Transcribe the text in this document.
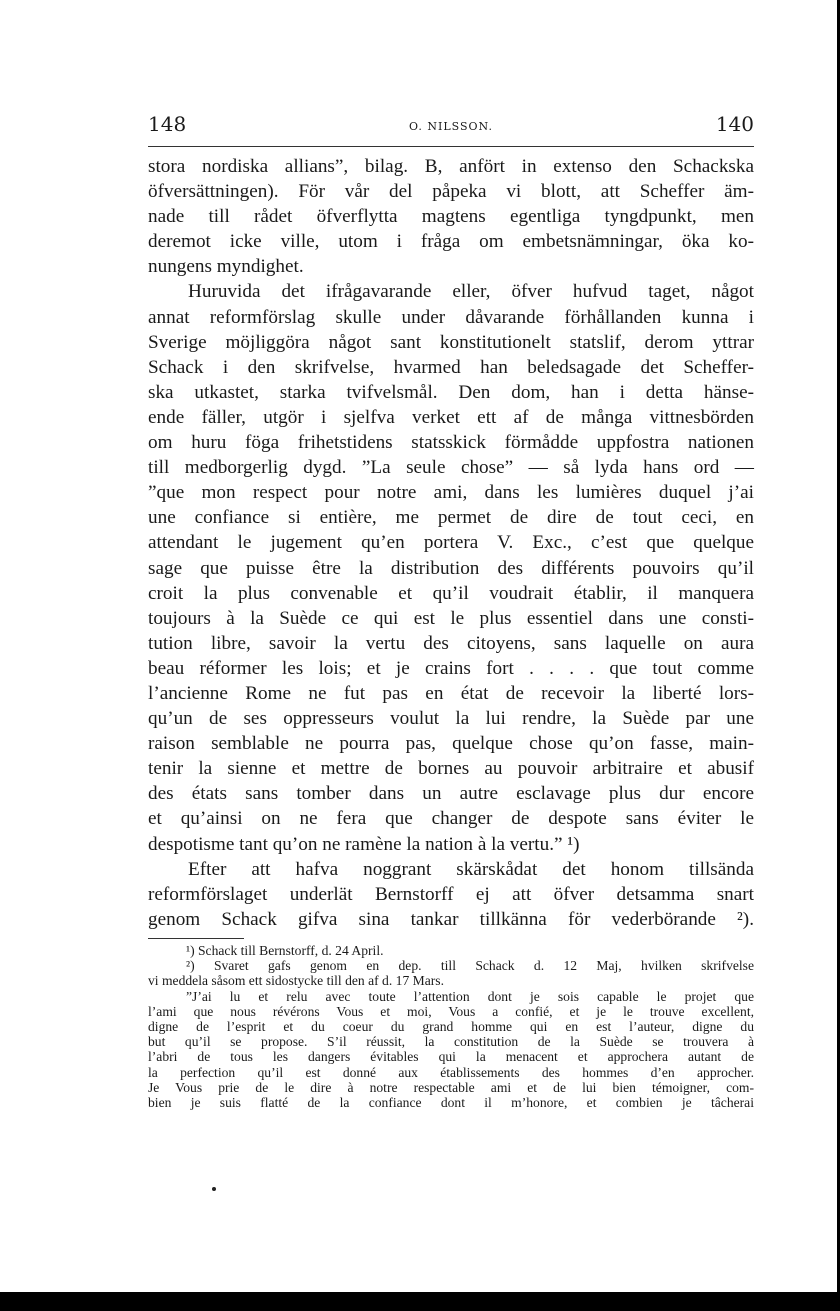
148	O. NILSSON.	140
stora nordiska allians”, bilag. B, anfört in extenso den Schackska
öfversättningen). För vår del påpeka vi blott, att Scheffer äm-
nade till rådet öfverflytta magtens egentliga tyngdpunkt, men
deremot icke ville, utom i fråga om embetsnämningar, öka ko-
nungens myndighet.
Huruvida det ifrågavarande eller, öfver hufvud taget, något
annat reformförslag skulle under dåvarande förhållanden kunna i
Sverige möjliggöra något sant konstitutionelt statslif, derom yttrar
Schack i den skrifvelse, hvarmed han beledsagade det Scheffer-
ska utkastet, starka tvifvelsmål. Den dom, han i detta hänse-
ende fäller, utgör i sjelfva verket ett af de många vittnesbörden
om huru föga frihetstidens statsskick förmådde uppfostra nationen
till medborgerlig dygd. ”La seule chose” — så lyda hans ord —
”que mon respect pour notre ami, dans les lumières duquel j’ai
une confiance si entière, me permet de dire de tout ceci, en
attendant le jugement qu’en portera V. Exc., c’est que quelque
sage que puisse être la distribution des différents pouvoirs qu’il
croit la plus convenable et qu’il voudrait établir, il manquera
toujours à la Suède ce qui est le plus essentiel dans une consti-
tution libre, savoir la vertu des citoyens, sans laquelle on aura
beau réformer les lois; et je crains fort . . . . que tout comme
l’ancienne Rome ne fut pas en état de recevoir la liberté lors-
qu’un de ses oppresseurs voulut la lui rendre, la Suède par une
raison semblable ne pourra pas, quelque chose qu’on fasse, main-
tenir la sienne et mettre de bornes au pouvoir arbitraire et abusif
des états sans tomber dans un autre esclavage plus dur encore
et qu’ainsi on ne fera que changer de despote sans éviter le
despotisme tant qu’on ne ramène la nation à la vertu.” ¹)
Efter att hafva noggrant skärskådat det honom tillsända
reformförslaget underlät Bernstorff ej att öfver detsamma snart
genom Schack gifva sina tankar tillkänna för vederbörande ²).
¹) Schack till Bernstorff, d. 24 April.
²) Svaret gafs genom en dep. till Schack d. 12 Maj, hvilken skrifvelse
vi meddela såsom ett sidostycke till den af d. 17 Mars.
”J’ai lu et relu avec toute l’attention dont je sois capable le projet que
l’ami que nous révérons Vous et moi, Vous a confié, et je le trouve excellent,
digne de l’esprit et du coeur du grand homme qui en est l’auteur, digne du
but qu’il se propose. S’il réussit, la constitution de la Suède se trouvera à
l’abri de tous les dangers évitables qui la menacent et approchera autant de
la perfection qu’il est donné aux établissements des hommes d’en approcher.
Je Vous prie de le dire à notre respectable ami et de lui bien témoigner, com-
bien je suis flatté de la confiance dont il m’honore, et combien je tâcherai
